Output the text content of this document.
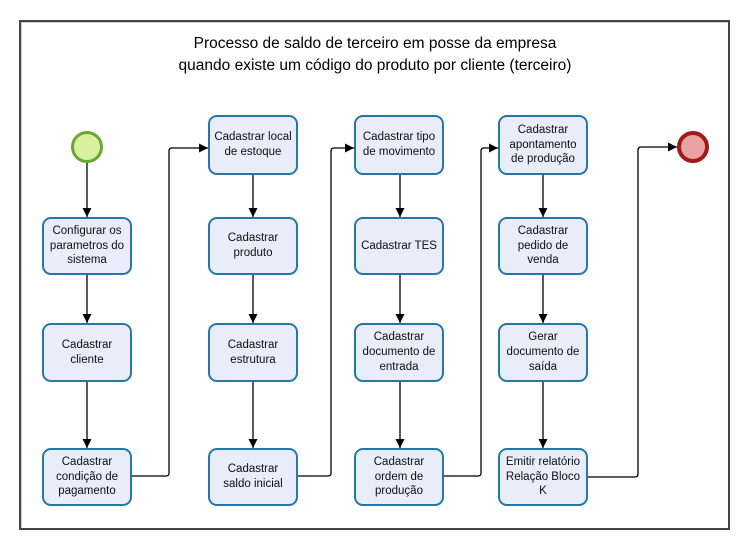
Processo de saldo de terceiro em posse da empresa
quando existe um código do produto por cliente (terceiro)
Configurar os parametros do sistema
Cadastrar cliente
Cadastrar condição de pagamento
Cadastrar local de estoque
Cadastrar produto
Cadastrar estrutura
Cadastrar saldo inicial
Cadastrar tipo de movimento
Cadastrar TES
Cadastrar documento de entrada
Cadastrar ordem de produção
Cadastrar apontamento de produção
Cadastrar pedido de venda
Gerar documento de saída
Emitir relatório Relação Bloco K
